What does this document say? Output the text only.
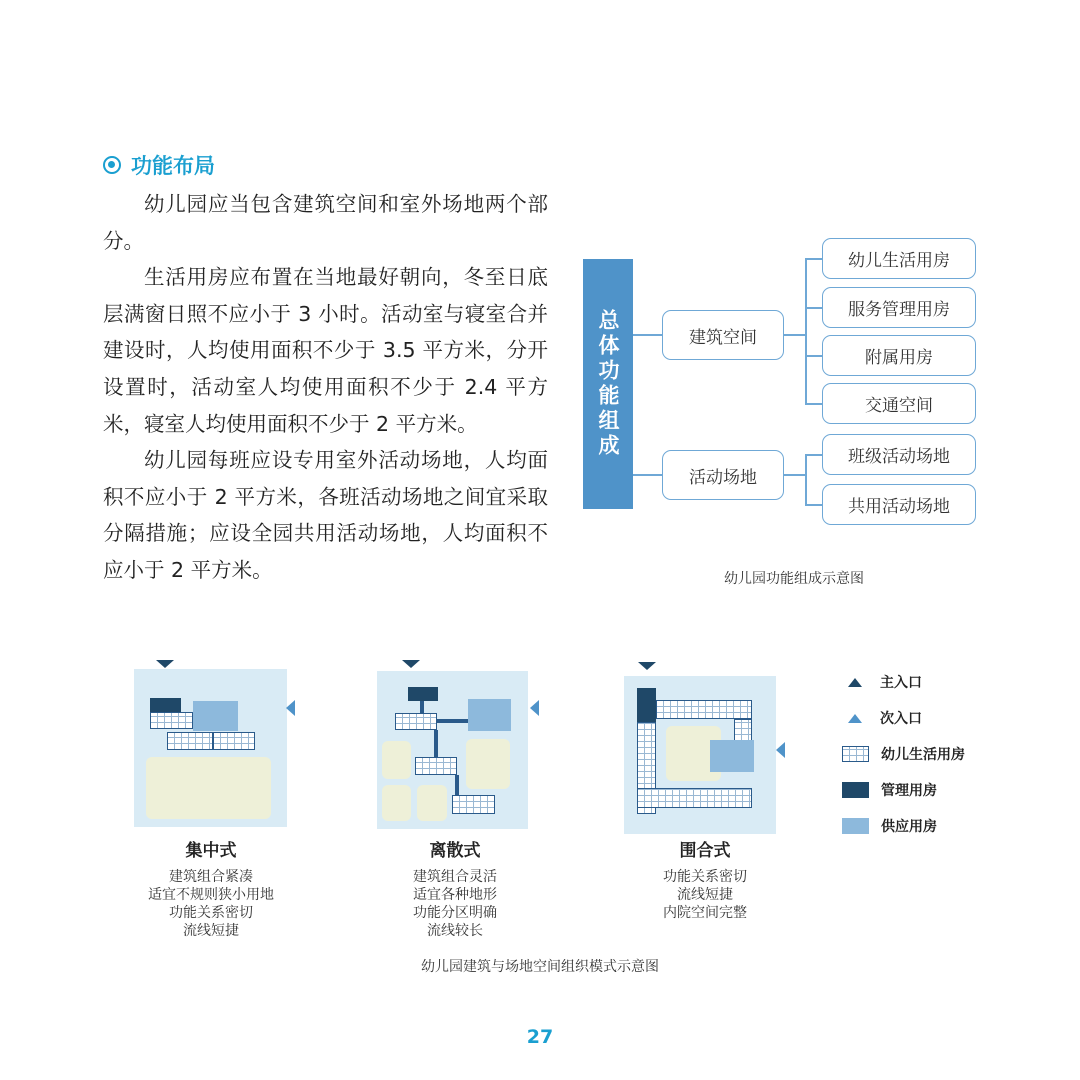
功能布局

幼儿园应当包含建筑空间和室外场地两个部分。

生活用房应布置在当地最好朝向，冬至日底层满窗日照不应小于 3 小时。活动室与寝室合并建设时，人均使用面积不少于 3.5 平方米，分开设置时，活动室人均使用面积不少于 2.4 平方米，寝室人均使用面积不少于 2 平方米。

幼儿园每班应设专用室外活动场地，人均面积不应小于 2 平方米，各班活动场地之间宜采取分隔措施；应设全园共用活动场地，人均面积不应小于 2 平方米。

总体功能组成	建筑空间
活动场地
幼儿生活用房
服务管理用房
附属用房
交通空间
班级活动场地
共用活动场地
幼儿园功能组成示意图
集中式
建筑组合紧凑
适宜不规则狭小用地
功能关系密切
流线短捷
离散式
建筑组合灵活
适宜各种地形
功能分区明确
流线较长
围合式
功能关系密切
流线短捷
内院空间完整
主入口
次入口
幼儿生活用房
管理用房
供应用房
幼儿园建筑与场地空间组织模式示意图
27
